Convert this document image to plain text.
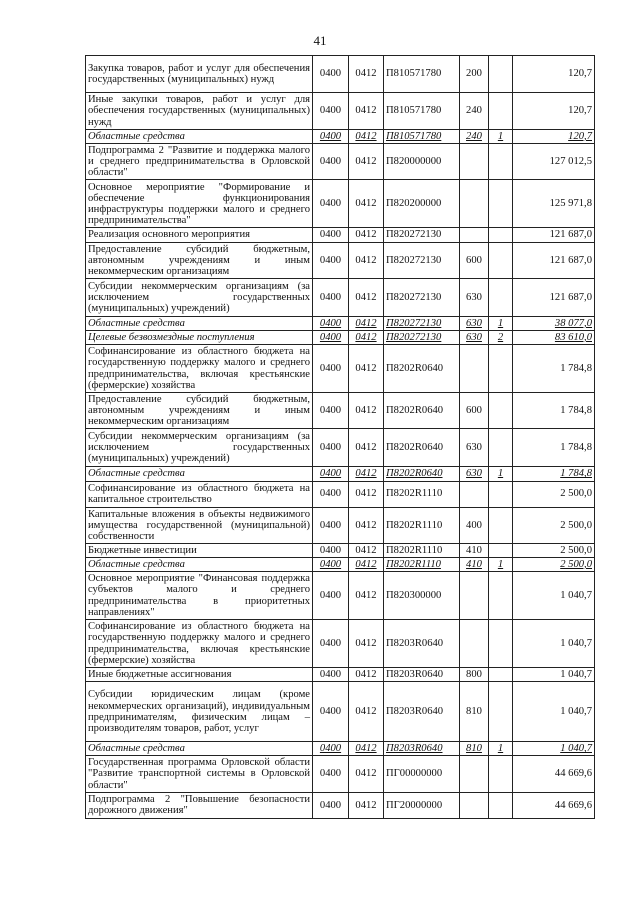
41
Закупка товаров, работ и услуг для обеспечения государственных (муниципальных) нужд	0400	0412	П810571780	200		120,7
Иные закупки товаров, работ и услуг для обеспечения государственных (муниципальных) нужд	0400	0412	П810571780	240		120,7
Областные средства	0400	0412	П810571780	240	1	120,7
Подпрограмма 2 "Развитие и поддержка малого и среднего предпринимательства в Орловской области"	0400	0412	П820000000			127 012,5
Основное мероприятие "Формирование и обеспечение функционирования инфраструктуры поддержки малого и среднего предпринимательства"	0400	0412	П820200000			125 971,8
Реализация основного мероприятия	0400	0412	П820272130			121 687,0
Предоставление субсидий бюджетным, автономным учреждениям и иным некоммерческим организациям	0400	0412	П820272130	600		121 687,0
Субсидии некоммерческим организациям (за исключением государственных (муниципальных) учреждений)	0400	0412	П820272130	630		121 687,0
Областные средства	0400	0412	П820272130	630	1	38 077,0
Целевые безвозмездные поступления	0400	0412	П820272130	630	2	83 610,0
Софинансирование из областного бюджета на государственную поддержку малого и среднего предпринимательства, включая крестьянские (фермерские) хозяйства	0400	0412	П8202R0640			1 784,8
Предоставление субсидий бюджетным, автономным учреждениям и иным некоммерческим организациям	0400	0412	П8202R0640	600		1 784,8
Субсидии некоммерческим организациям (за исключением государственных (муниципальных) учреждений)	0400	0412	П8202R0640	630		1 784,8
Областные средства	0400	0412	П8202R0640	630	1	1 784,8
Софинансирование из областного бюджета на капитальное строительство	0400	0412	П8202R1110			2 500,0
Капитальные вложения в объекты недвижимого имущества государственной (муниципальной) собственности	0400	0412	П8202R1110	400		2 500,0
Бюджетные инвестиции	0400	0412	П8202R1110	410		2 500,0
Областные средства	0400	0412	П8202R1110	410	1	2 500,0
Основное мероприятие "Финансовая поддержка субъектов малого и среднего предпринимательства в приоритетных направлениях"	0400	0412	П820300000			1 040,7
Софинансирование из областного бюджета на государственную поддержку малого и среднего предпринимательства, включая крестьянские (фермерские) хозяйства	0400	0412	П8203R0640			1 040,7
Иные бюджетные ассигнования	0400	0412	П8203R0640	800		1 040,7
Субсидии юридическим лицам (кроме некоммерческих организаций), индивидуальным предпринимателям, физическим лицам – производителям товаров, работ, услуг	0400	0412	П8203R0640	810		1 040,7
Областные средства	0400	0412	П8203R0640	810	1	1 040,7
Государственная программа Орловской области "Развитие транспортной системы в Орловской области"	0400	0412	ПГ00000000			44 669,6
Подпрограмма 2 "Повышение безопасности дорожного движения"	0400	0412	ПГ20000000			44 669,6
